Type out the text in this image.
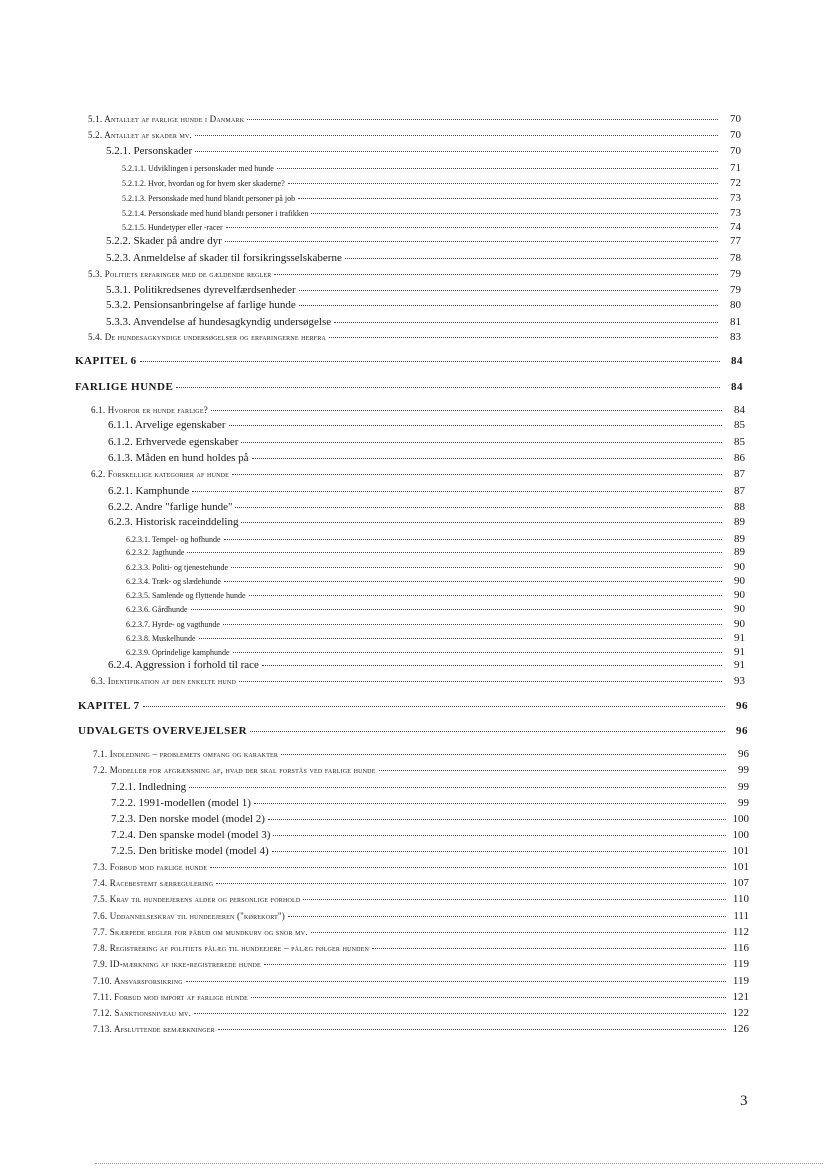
5.1. Antallet af farlige hunde i Danmark	70
5.2. Antallet af skader mv.	70
5.2.1. Personskader	70
5.2.1.1. Udviklingen i personskader med hunde	71
5.2.1.2. Hvor, hvordan og for hvem sker skaderne?	72
5.2.1.3. Personskade med hund blandt personer på job	73
5.2.1.4. Personskade med hund blandt personer i trafikken	73
5.2.1.5. Hundetyper eller -racer	74
5.2.2. Skader på andre dyr	77
5.2.3. Anmeldelse af skader til forsikringsselskaberne	78
5.3. Politiets erfaringer med de gældende regler	79
5.3.1. Politikredsenes dyrevelfærdsenheder	79
5.3.2. Pensionsanbringelse af farlige hunde	80
5.3.3. Anvendelse af hundesagkyndig undersøgelse	81
5.4. De hundesagkyndige undersøgelser og erfaringerne herfra	83
KAPITEL 6	84
FARLIGE HUNDE	84
6.1. Hvorfor er hunde farlige?	84
6.1.1. Arvelige egenskaber	85
6.1.2. Erhvervede egenskaber	85
6.1.3. Måden en hund holdes på	86
6.2. Forskellige kategorier af hunde	87
6.2.1. Kamphunde	87
6.2.2. Andre "farlige hunde"	88
6.2.3. Historisk raceinddeling	89
6.2.3.1. Tempel- og hofhunde	89
6.2.3.2. Jagthunde	89
6.2.3.3. Politi- og tjenestehunde	90
6.2.3.4. Træk- og slædehunde	90
6.2.3.5. Samlende og flyttende hunde	90
6.2.3.6. Gårdhunde	90
6.2.3.7. Hyrde- og vagthunde	90
6.2.3.8. Muskelhunde	91
6.2.3.9. Oprindelige kamphunde	91
6.2.4. Aggression i forhold til race	91
6.3. Identifikation af den enkelte hund	93
KAPITEL 7	96
UDVALGETS OVERVEJELSER	96
7.1. Indledning – problemets omfang og karakter	96
7.2. Modeller for afgrænsning af, hvad der skal forstås ved farlige hunde	99
7.2.1. Indledning	99
7.2.2. 1991-modellen (model 1)	99
7.2.3. Den norske model (model 2)	100
7.2.4. Den spanske model (model 3)	100
7.2.5. Den britiske model (model 4)	101
7.3. Forbud mod farlige hunde	101
7.4. Racebestemt særregulering	107
7.5. Krav til hundeejerens alder og personlige forhold	110
7.6. Uddannelseskrav til hundeejeren ("kørekort")	111
7.7. Skærpede regler for påbud om mundkurv og snor mv.	112
7.8. Registrering af politiets pålæg til hundeejere – pålæg følger hunden	116
7.9. ID-mærkning af ikke-registrerede hunde	119
7.10. Ansvarsforsikring	119
7.11. Forbud mod import af farlige hunde	121
7.12. Sanktionsniveau mv.	122
7.13. Afsluttende bemærkninger	126
3
